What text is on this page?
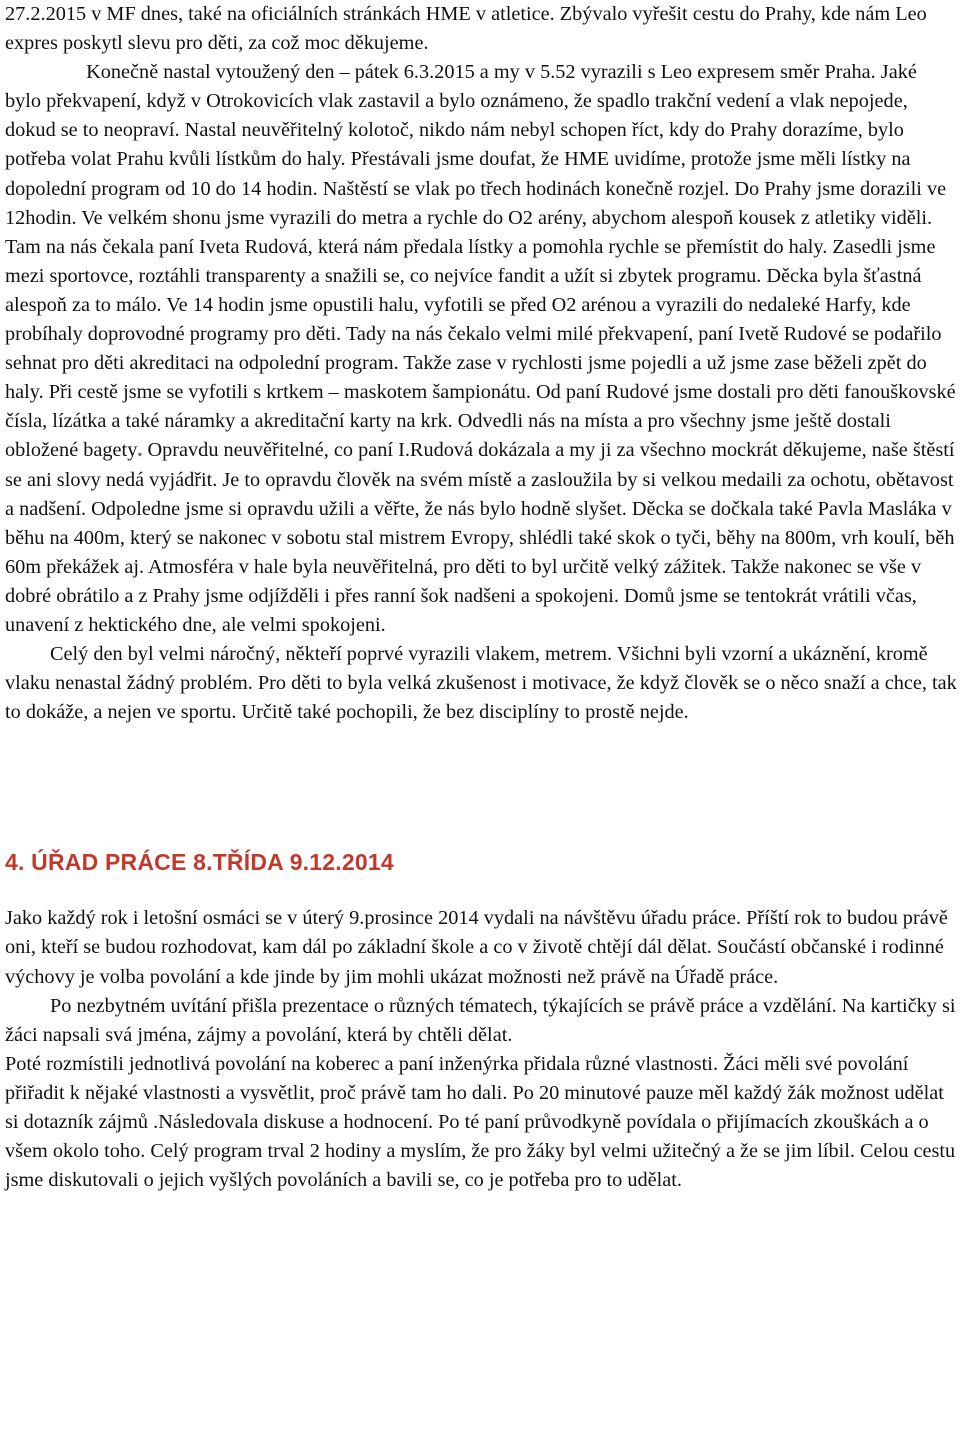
27.2.2015 v MF dnes, také na oficiálních stránkách HME v atletice. Zbývalo vyřešit cestu do Prahy, kde nám Leo expres poskytl slevu pro děti, za což moc děkujeme.
Konečně nastal vytoužený den – pátek 6.3.2015 a my v 5.52 vyrazili s Leo expresem směr Praha. Jaké bylo překvapení, když v Otrokovicích vlak zastavil a bylo oznámeno, že spadlo trakční vedení a vlak nepojede, dokud se to neopraví. Nastal neuvěřitelný kolotoč, nikdo nám nebyl schopen říct, kdy do Prahy dorazíme, bylo potřeba volat Prahu kvůli lístkům do haly. Přestávali jsme doufat, že HME uvidíme, protože jsme měli lístky na dopolední program od 10 do 14 hodin. Naštěstí se vlak po třech hodinách konečně rozjel. Do Prahy jsme dorazili ve 12hodin. Ve velkém shonu jsme vyrazili do metra a rychle do O2 arény, abychom alespoň kousek z atletiky viděli. Tam na nás čekala paní Iveta Rudová, která nám předala lístky a pomohla rychle se přemístit do haly. Zasedli jsme mezi sportovce, roztáhli transparenty a snažili se, co nejvíce fandit a užít si zbytek programu. Děcka byla šťastná alespoň za to málo. Ve 14 hodin jsme opustili halu, vyfotili se před O2 arénou a vyrazili do nedaleké Harfy, kde probíhaly doprovodné programy pro děti. Tady na nás čekalo velmi milé překvapení, paní Ivetě Rudové se podařilo sehnat pro děti akreditaci na odpolední program. Takže zase v rychlosti jsme pojedli a už jsme zase běželi zpět do haly. Při cestě jsme se vyfotili s krtkem – maskotem šampionátu. Od paní Rudové jsme dostali pro děti fanouškovské čísla, lízátka a také náramky a akreditační karty na krk. Odvedli nás na místa a pro všechny jsme ještě dostali obložené bagety. Opravdu neuvěřitelné, co paní I.Rudová dokázala a my ji za všechno mockrát děkujeme, naše štěstí se ani slovy nedá vyjádřit. Je to opravdu člověk na svém místě a zasloužila by si velkou medaili za ochotu, obětavost a nadšení. Odpoledne jsme si opravdu užili a věřte, že nás bylo hodně slyšet. Děcka se dočkala také Pavla Masláka v běhu na 400m, který se nakonec v sobotu stal mistrem Evropy, shlédli také skok o tyči, běhy na 800m, vrh koulí, běh 60m překážek aj. Atmosféra v hale byla neuvěřitelná, pro děti to byl určitě velký zážitek. Takže nakonec se vše v dobré obrátilo a z Prahy jsme odjížděli i přes ranní šok nadšeni a spokojeni. Domů jsme se tentokrát vrátili včas, unavení z hektického dne, ale velmi spokojeni.

Celý den byl velmi náročný, někteří poprvé vyrazili vlakem, metrem. Všichni byli vzorní a ukáznění, kromě vlaku nenastal žádný problém. Pro děti to byla velká zkušenost i motivace, že když člověk se o něco snaží a chce, tak to dokáže, a nejen ve sportu. Určitě také pochopili, že bez disciplíny to prostě nejde.

4. ÚŘAD PRÁCE 8.TŘÍDA 9.12.2014

Jako každý rok i letošní osmáci se v úterý 9.prosince 2014 vydali na návštěvu úřadu práce. Příští rok to budou právě oni, kteří se budou rozhodovat, kam dál po základní škole a co v životě chtějí dál dělat. Součástí občanské i rodinné výchovy je volba povolání a kde jinde by jim mohli ukázat možnosti než právě na Úřadě práce.

Po nezbytném uvítání přišla prezentace o různých tématech, týkajících se právě práce a vzdělání. Na kartičky si žáci napsali svá jména, zájmy a povolání, která by chtěli dělat.

Poté rozmístili jednotlivá povolání na koberec a paní inženýrka přidala různé vlastnosti. Žáci měli své povolání přiřadit k nějaké vlastnosti a vysvětlit, proč právě tam ho dali. Po 20 minutové pauze měl každý žák možnost udělat si dotazník zájmů .Následovala diskuse a hodnocení. Po té paní průvodkyně povídala o přijímacích zkouškách a o všem okolo toho. Celý program trval 2 hodiny a myslím, že pro žáky byl velmi užitečný a že se jim líbil. Celou cestu jsme diskutovali o jejich vyšlých povoláních a bavili se, co je potřeba pro to udělat.
